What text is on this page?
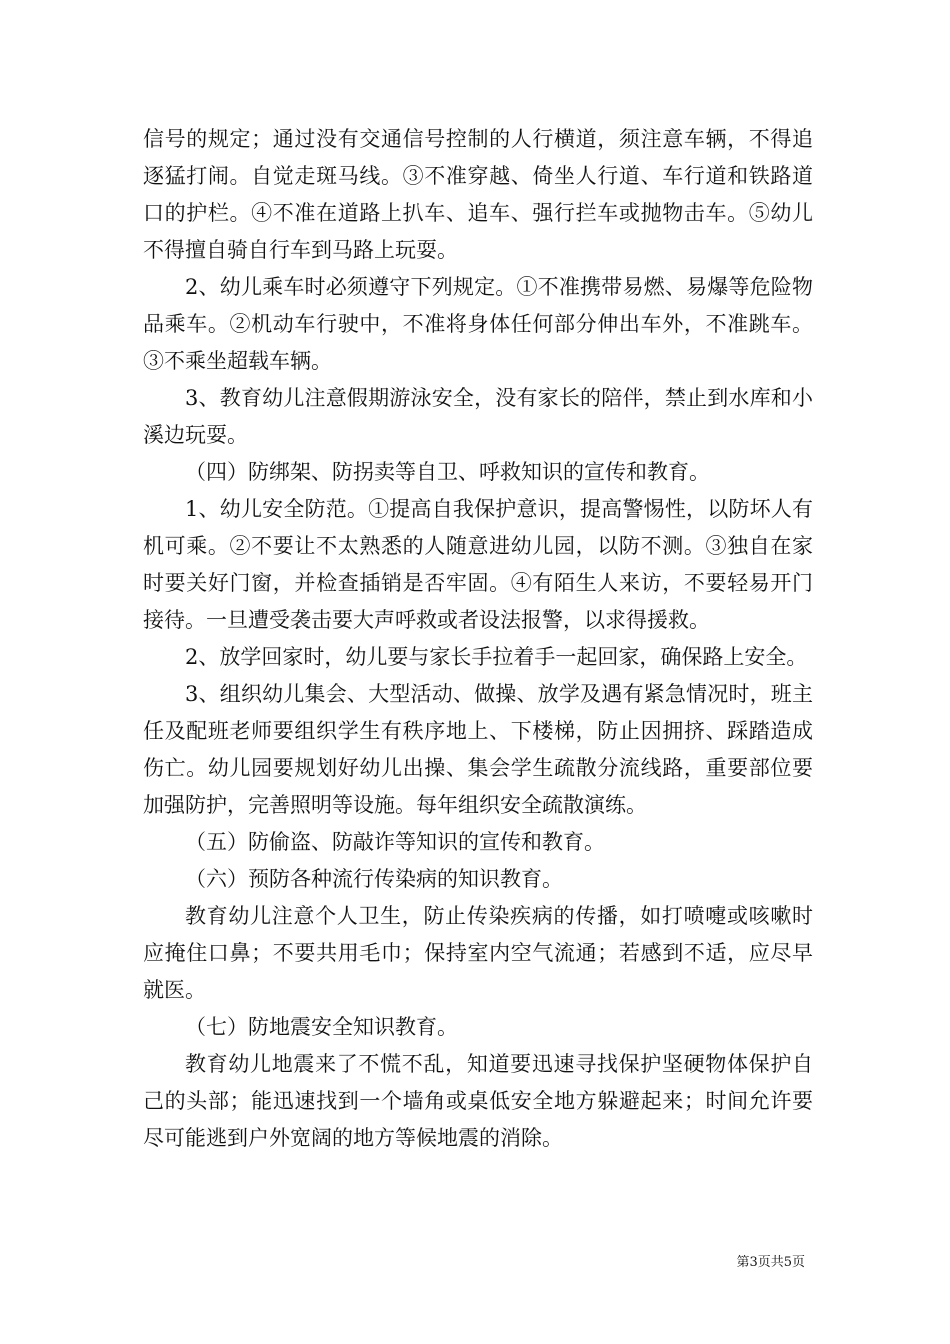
信号的规定；通过没有交通信号控制的人行横道，须注意车辆，不得追逐猛打闹。自觉走斑马线。③不准穿越、倚坐人行道、车行道和铁路道口的护栏。④不准在道路上扒车、追车、强行拦车或抛物击车。⑤幼儿不得擅自骑自行车到马路上玩耍。

2、幼儿乘车时必须遵守下列规定。①不准携带易燃、易爆等危险物品乘车。②机动车行驶中，不准将身体任何部分伸出车外，不准跳车。③不乘坐超载车辆。

3、教育幼儿注意假期游泳安全，没有家长的陪伴，禁止到水库和小溪边玩耍。

（四）防绑架、防拐卖等自卫、呼救知识的宣传和教育。

1、幼儿安全防范。①提高自我保护意识，提高警惕性，以防坏人有机可乘。②不要让不太熟悉的人随意进幼儿园，以防不测。③独自在家时要关好门窗，并检查插销是否牢固。④有陌生人来访，不要轻易开门接待。一旦遭受袭击要大声呼救或者设法报警，以求得援救。

2、放学回家时，幼儿要与家长手拉着手一起回家，确保路上安全。

3、组织幼儿集会、大型活动、做操、放学及遇有紧急情况时，班主任及配班老师要组织学生有秩序地上、下楼梯，防止因拥挤、踩踏造成伤亡。幼儿园要规划好幼儿出操、集会学生疏散分流线路，重要部位要加强防护，完善照明等设施。每年组织安全疏散演练。

（五）防偷盗、防敲诈等知识的宣传和教育。

（六）预防各种流行传染病的知识教育。

教育幼儿注意个人卫生，防止传染疾病的传播，如打喷嚏或咳嗽时应掩住口鼻；不要共用毛巾；保持室内空气流通；若感到不适，应尽早就医。

（七）防地震安全知识教育。

教育幼儿地震来了不慌不乱，知道要迅速寻找保护坚硬物体保护自己的头部；能迅速找到一个墙角或桌低安全地方躲避起来；时间允许要尽可能逃到户外宽阔的地方等候地震的消除。

第3页共5页
